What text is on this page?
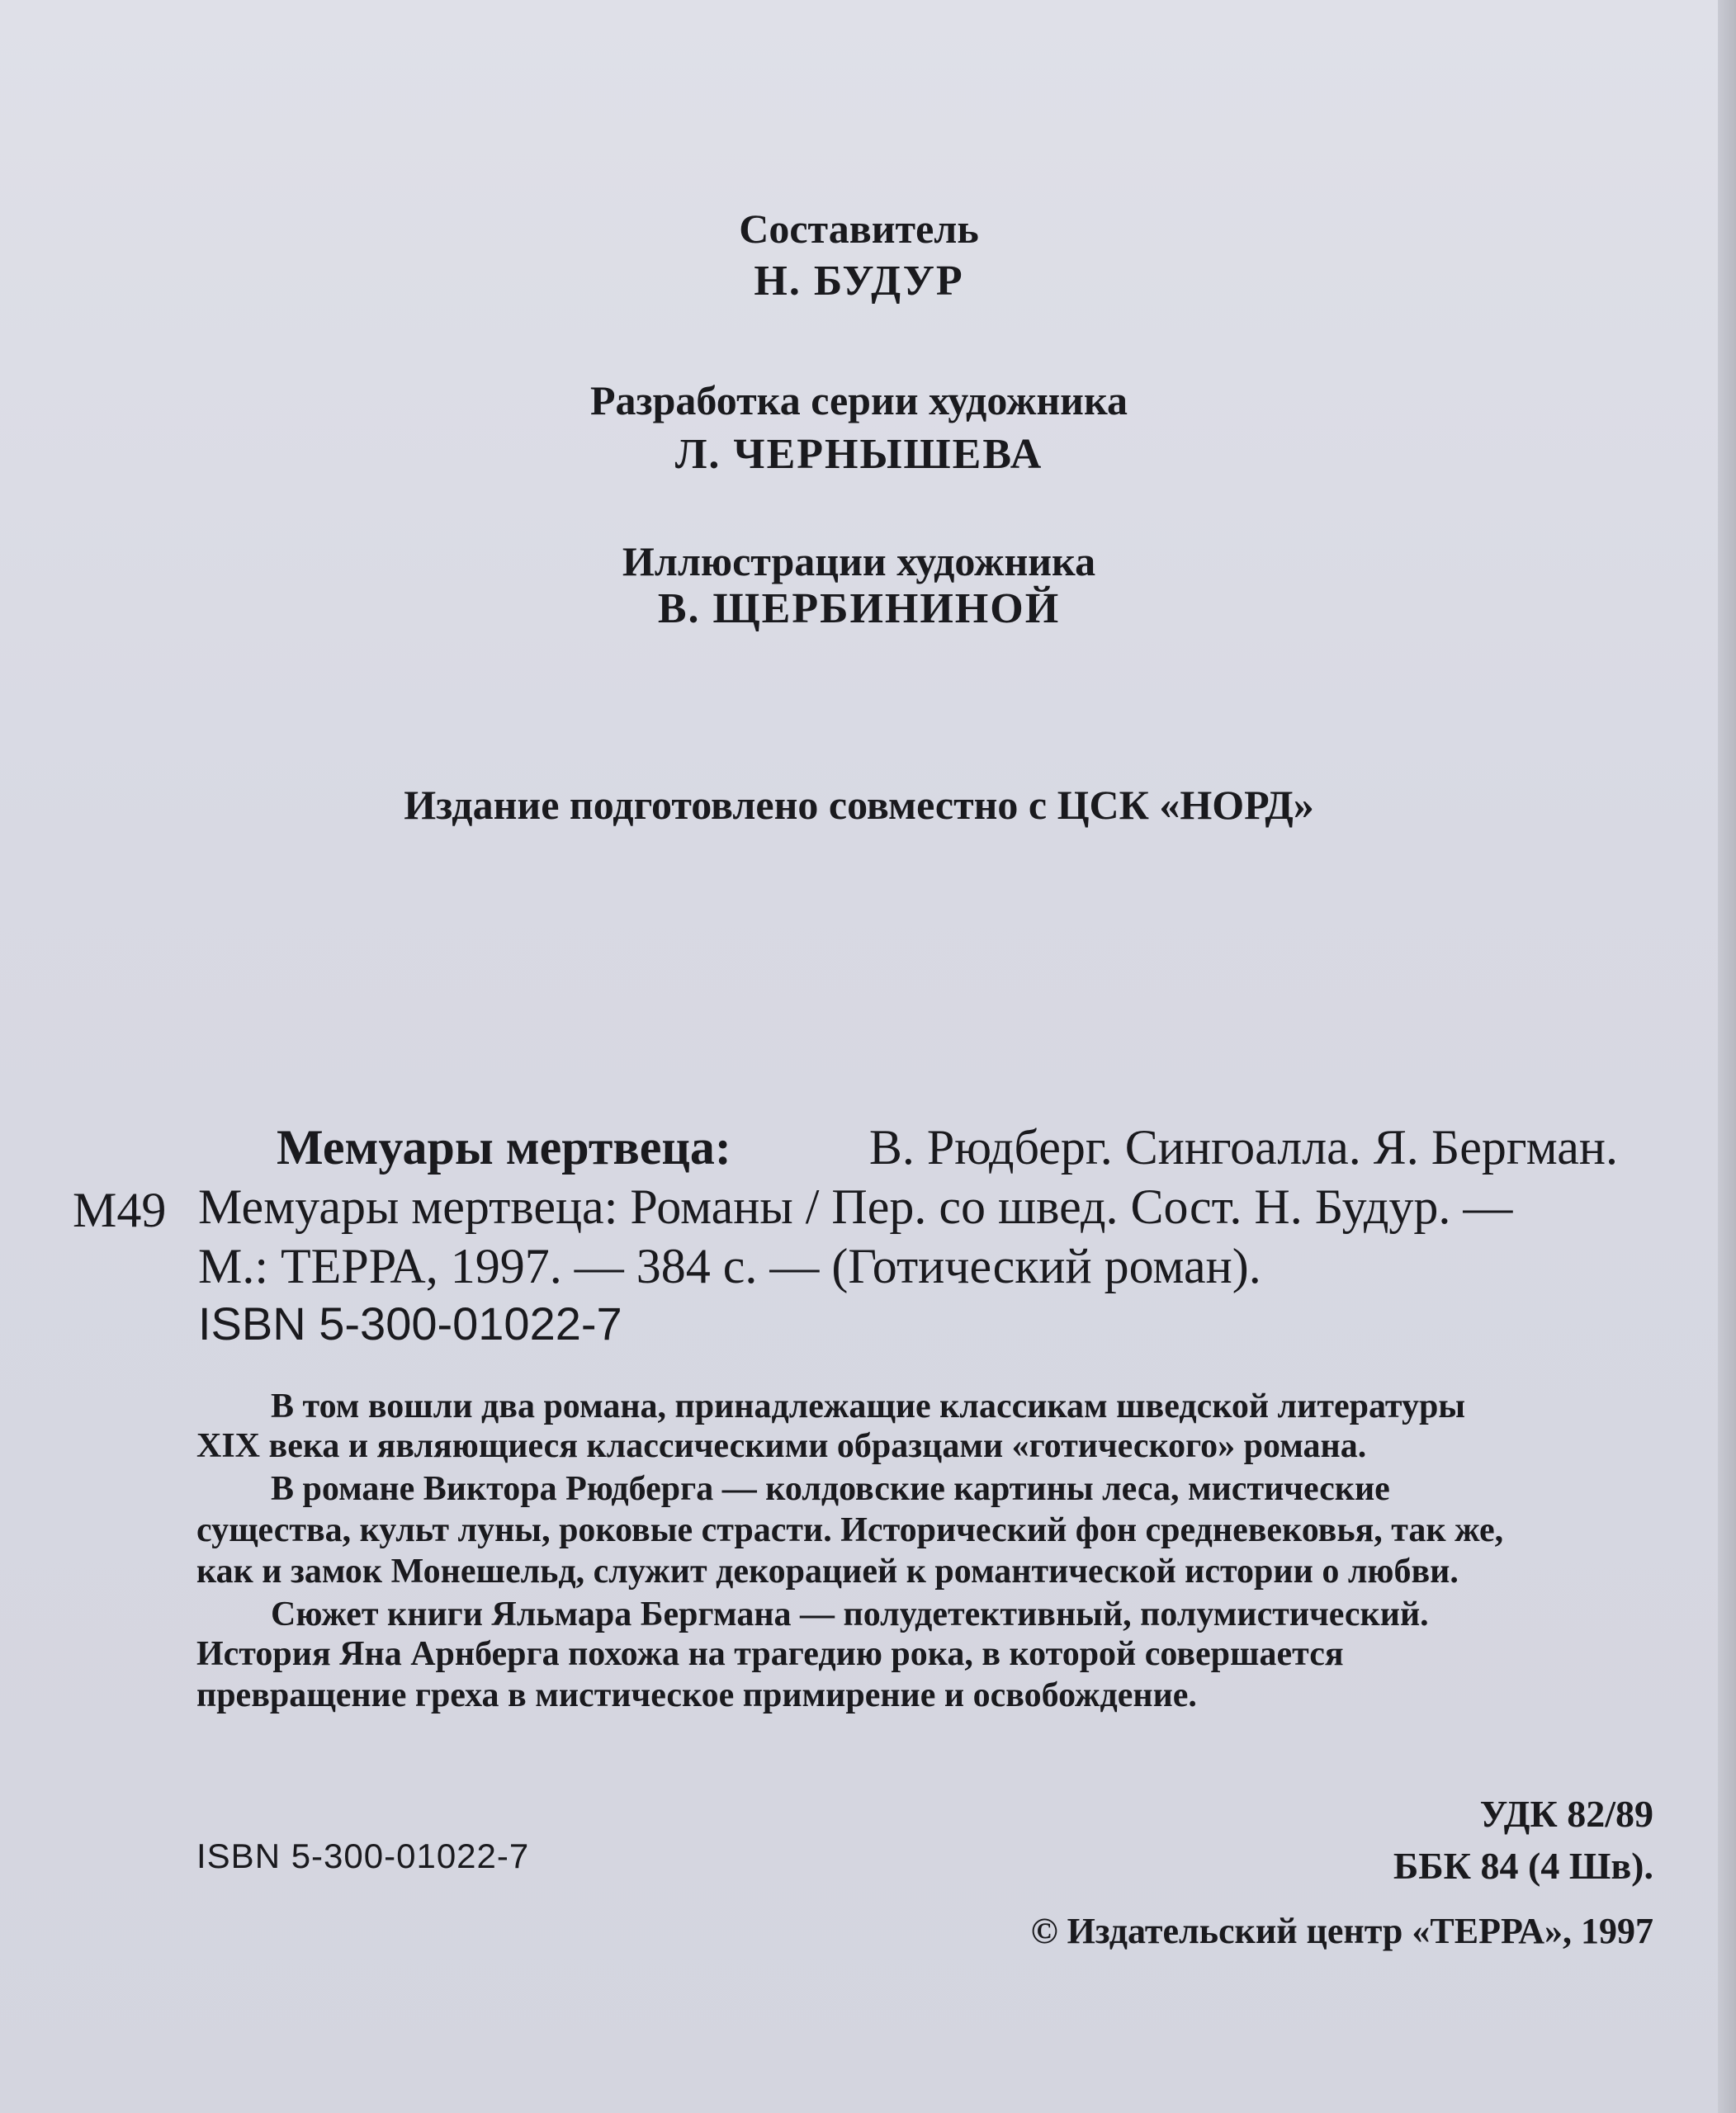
Составитель
Н. БУДУР
Разработка серии художника
Л. ЧЕРНЫШЕВА
Иллюстрации художника
В. ЩЕРБИНИНОЙ
Издание подготовлено совместно с ЦСК «НОРД»
М49
Мемуары мертвеца:	В. Рюдберг. Сингоалла. Я. Бергман.
Мемуары мертвеца: Романы / Пер. со швед. Сост. Н. Будур. —
М.: ТЕРРА, 1997. — 384 с. — (Готический роман).
ISBN 5-300-01022-7
В том вошли два романа, принадлежащие классикам шведской литературы
XIX века и являющиеся классическими образцами «готического» романа.
В романе Виктора Рюдберга — колдовские картины леса, мистические
существа, культ луны, роковые страсти. Исторический фон средневековья, так же,
как и замок Монешельд, служит декорацией к романтической истории о любви.
Сюжет книги Яльмара Бергмана — полудетективный, полумистический.
История Яна Арнберга похожа на трагедию рока, в которой совершается
превращение греха в мистическое примирение и освобождение.
УДК 82/89
ББК 84 (4 Шв).
ISBN 5-300-01022-7
© Издательский центр «ТЕРРА», 1997
